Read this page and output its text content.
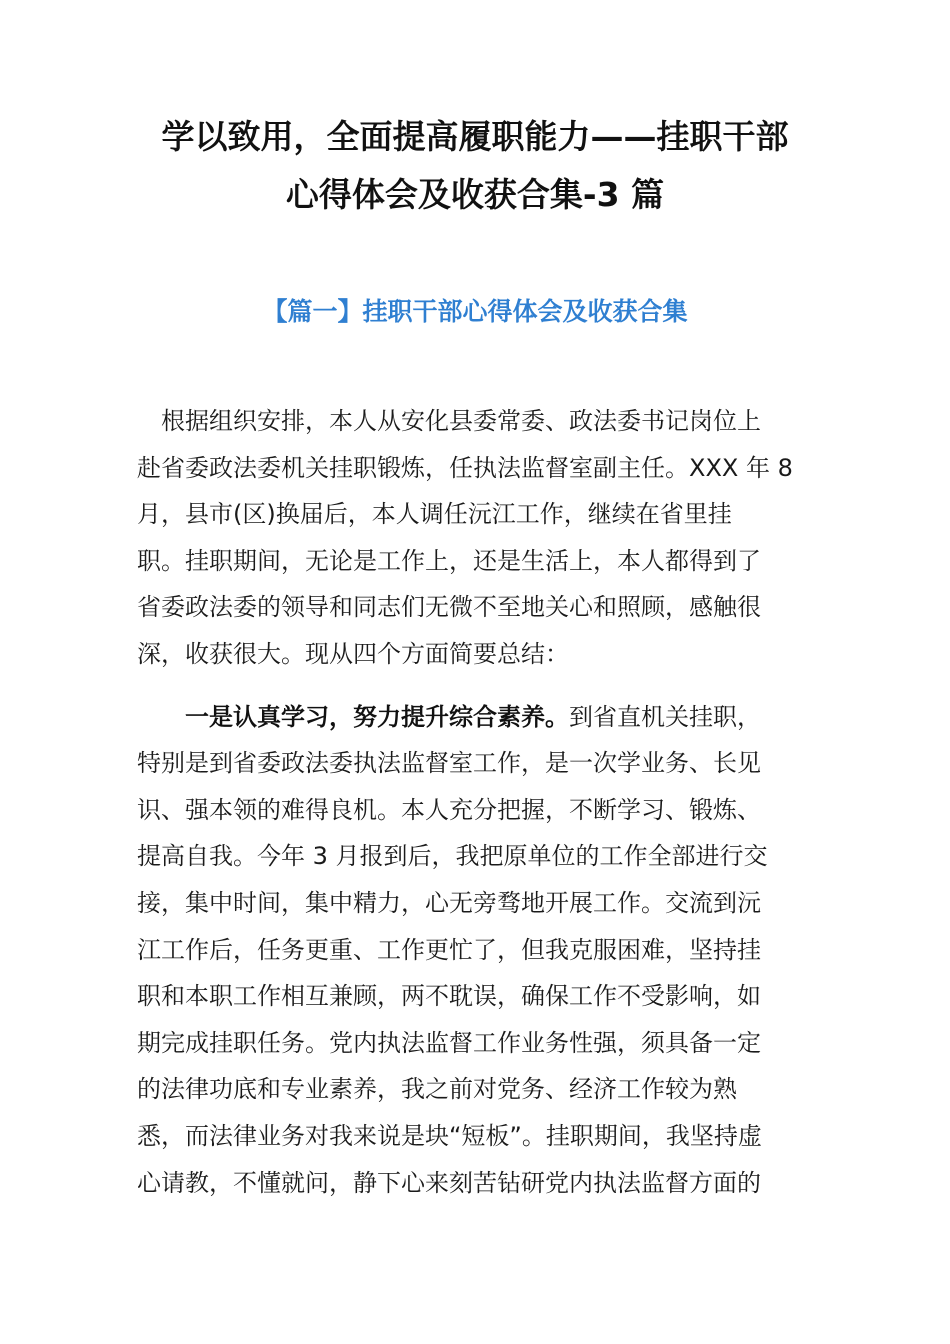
学以致用，全面提高履职能力——挂职干部
心得体会及收获合集-3 篇
【篇一】挂职干部心得体会及收获合集
根据组织安排，本人从安化县委常委、政法委书记岗位上
赴省委政法委机关挂职锻炼，任执法监督室副主任。XXX 年 8
月，县市(区)换届后，本人调任沅江工作，继续在省里挂
职。挂职期间，无论是工作上，还是生活上，本人都得到了
省委政法委的领导和同志们无微不至地关心和照顾，感触很
深，收获很大。现从四个方面简要总结：
一是认真学习，努力提升综合素养。到省直机关挂职，
特别是到省委政法委执法监督室工作，是一次学业务、长见
识、强本领的难得良机。本人充分把握，不断学习、锻炼、
提高自我。今年 3 月报到后，我把原单位的工作全部进行交
接，集中时间，集中精力，心无旁骛地开展工作。交流到沅
江工作后，任务更重、工作更忙了，但我克服困难，坚持挂
职和本职工作相互兼顾，两不耽误，确保工作不受影响，如
期完成挂职任务。党内执法监督工作业务性强，须具备一定
的法律功底和专业素养，我之前对党务、经济工作较为熟
悉，而法律业务对我来说是块“短板”。挂职期间，我坚持虚
心请教，不懂就问，静下心来刻苦钻研党内执法监督方面的
